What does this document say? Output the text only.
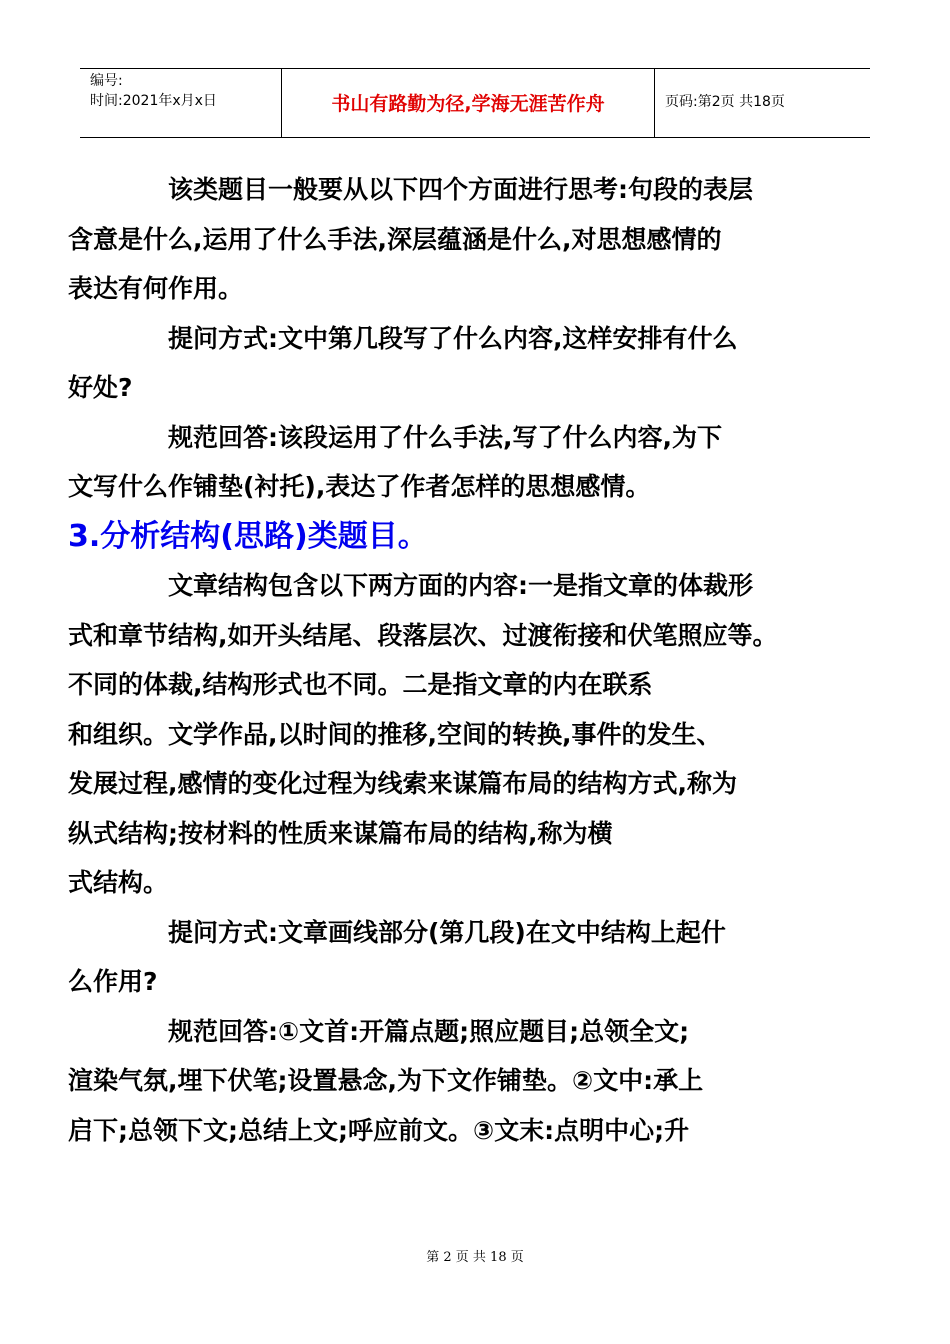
编号:
时间:2021年x月x日	书山有路勤为径,学海无涯苦作舟	页码:第2页 共18页
该类题目一般要从以下四个方面进行思考:句段的表层
含意是什么,运用了什么手法,深层蕴涵是什么,对思想感情的
表达有何作用。
提问方式:文中第几段写了什么内容,这样安排有什么
好处?
规范回答:该段运用了什么手法,写了什么内容,为下
文写什么作铺垫(衬托),表达了作者怎样的思想感情。
3.分析结构(思路)类题目。
文章结构包含以下两方面的内容:一是指文章的体裁形
式和章节结构,如开头结尾、段落层次、过渡衔接和伏笔照应等。
不同的体裁,结构形式也不同。二是指文章的内在联系
和组织。文学作品,以时间的推移,空间的转换,事件的发生、
发展过程,感情的变化过程为线索来谋篇布局的结构方式,称为
纵式结构;按材料的性质来谋篇布局的结构,称为横
式结构。
提问方式:文章画线部分(第几段)在文中结构上起什
么作用?
规范回答:①文首:开篇点题;照应题目;总领全文;
渲染气氛,埋下伏笔;设置悬念,为下文作铺垫。②文中:承上
启下;总领下文;总结上文;呼应前文。③文末:点明中心;升
第 2 页 共 18 页
